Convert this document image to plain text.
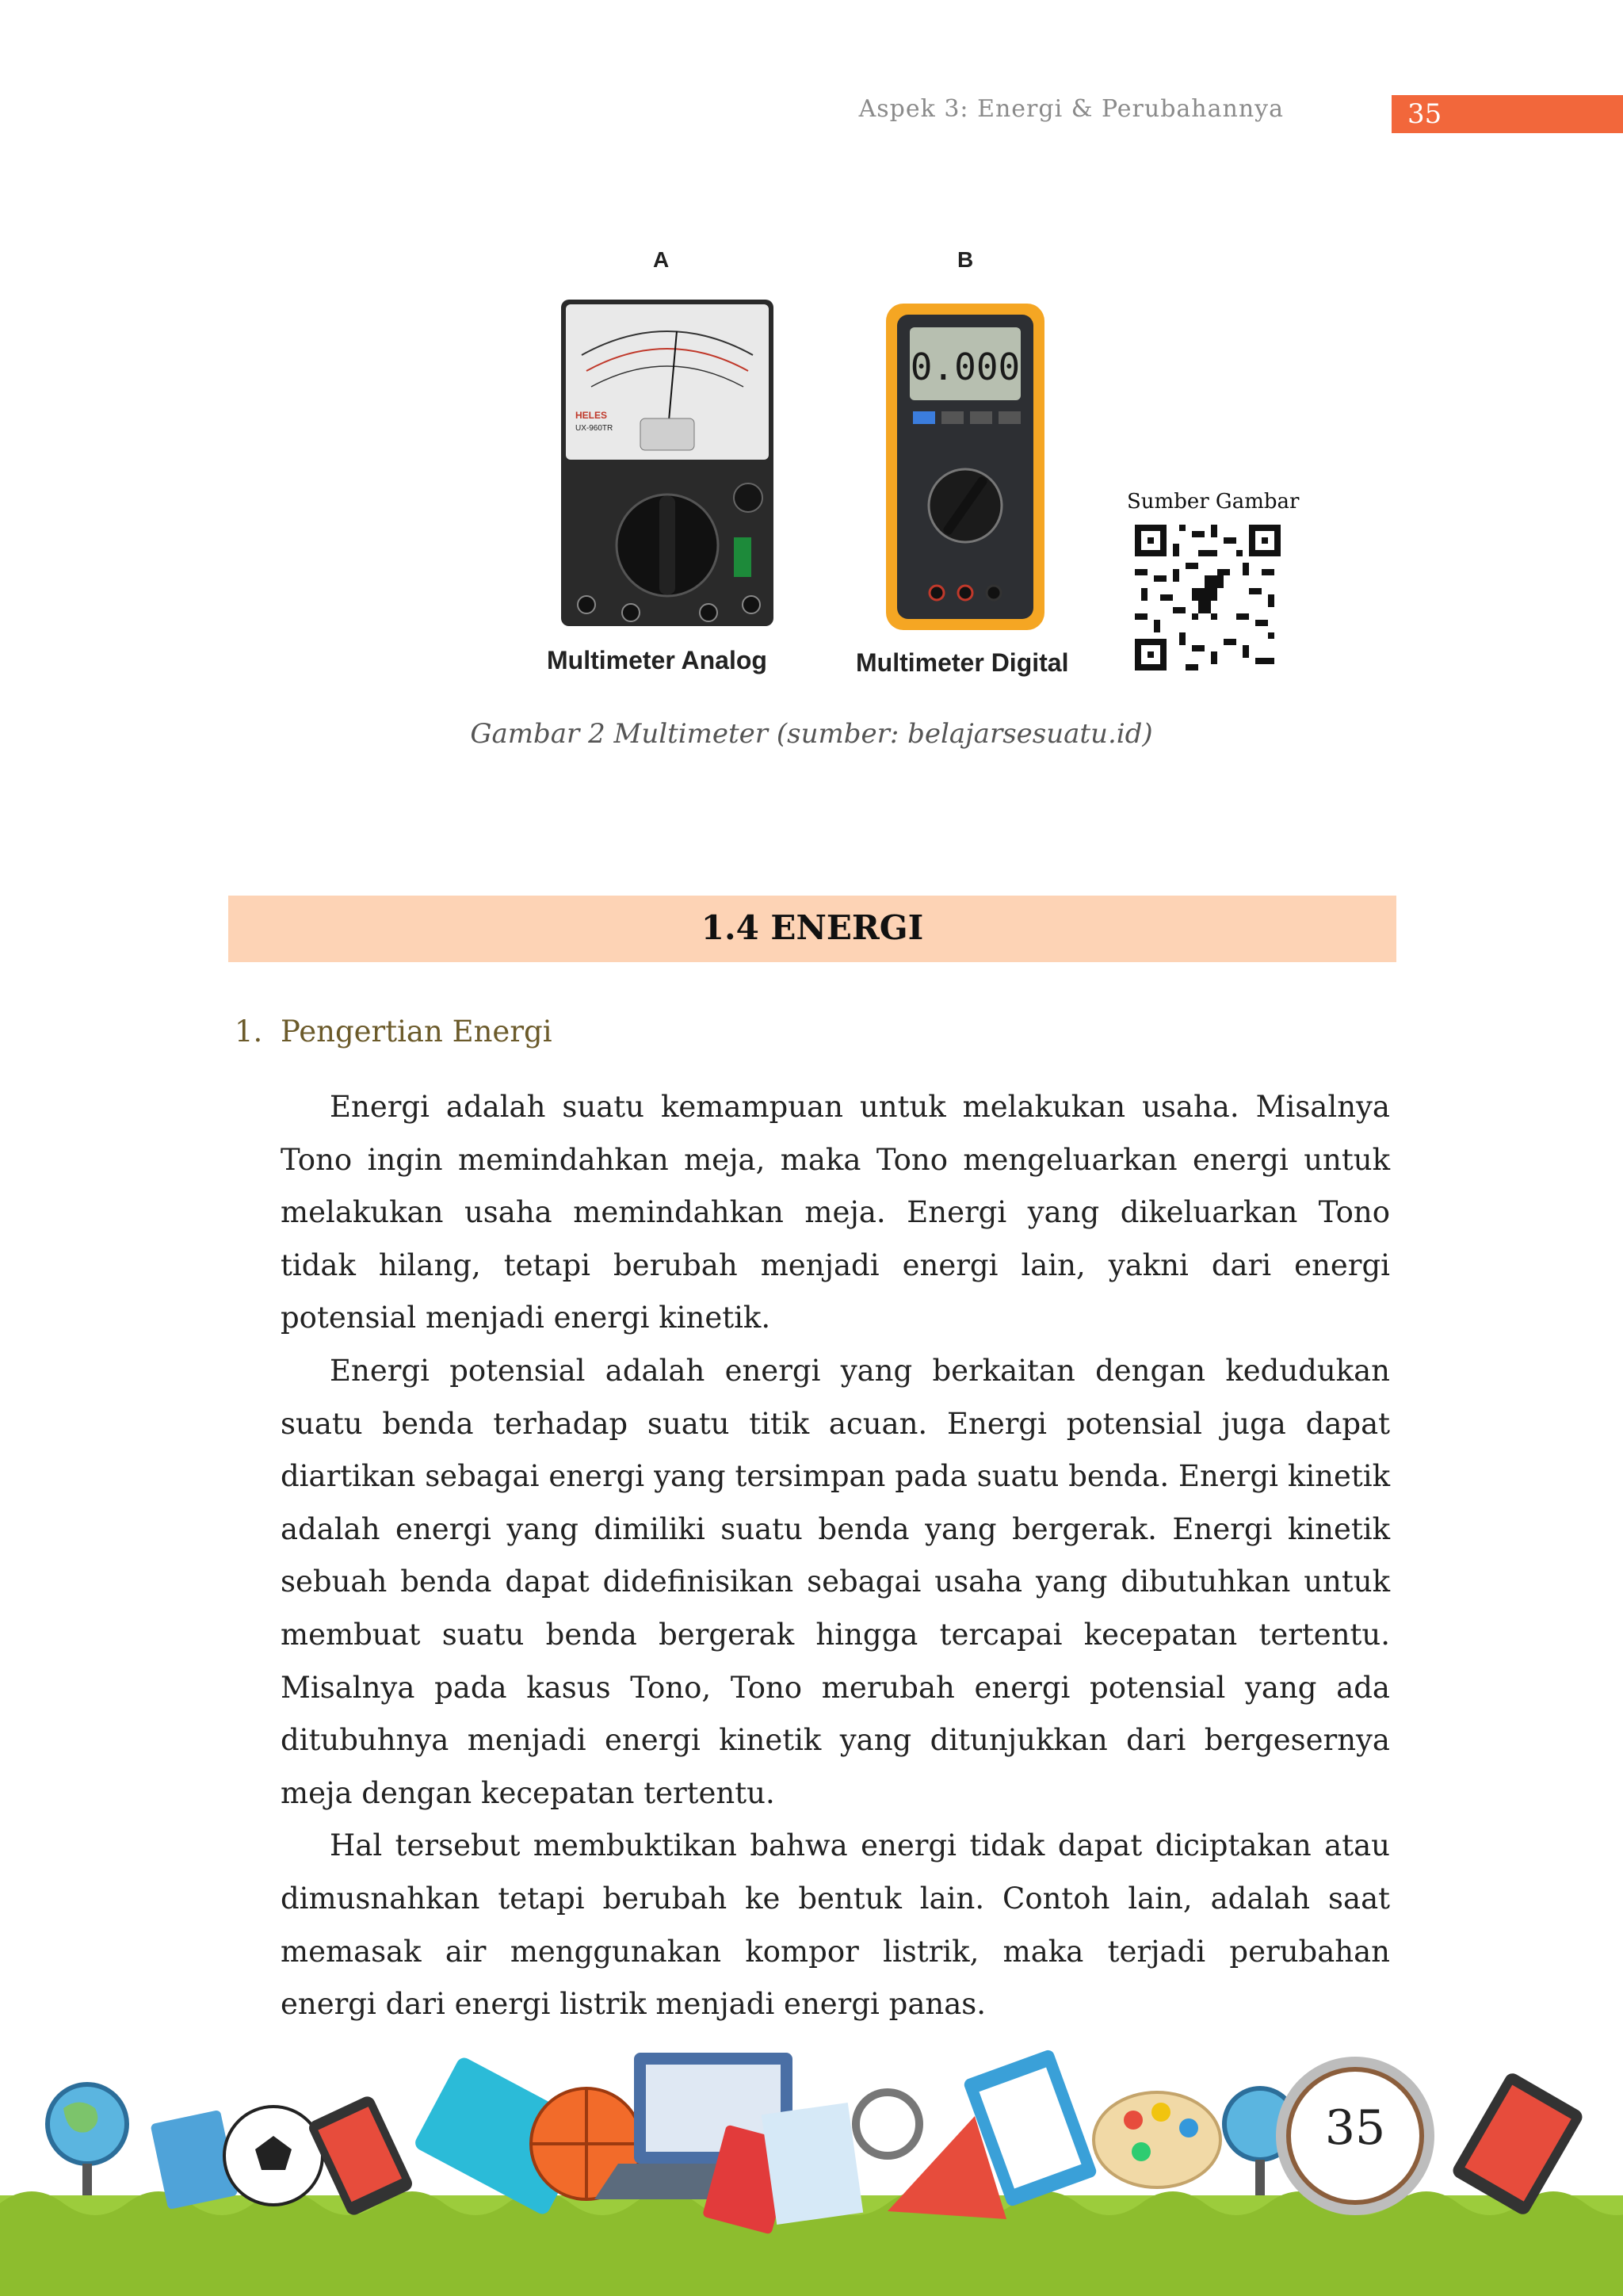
Aspek 3: Energi & Perubahannya	35
A	B
HELES
UX-960TR
Multimeter Analog
0.000
Multimeter Digital
Sumber Gambar
Gambar 2 Multimeter (sumber: belajarsesuatu.id)
1.4 ENERGI
1. Pengertian Energi

Energi adalah suatu kemampuan untuk melakukan usaha. Misalnya Tono ingin memindahkan meja, maka Tono mengeluarkan energi untuk melakukan usaha memindahkan meja. Energi yang dikeluarkan Tono tidak hilang, tetapi berubah menjadi energi lain, yakni dari energi potensial menjadi energi kinetik.

Energi potensial adalah energi yang berkaitan dengan kedudukan suatu benda terhadap suatu titik acuan. Energi potensial juga dapat diartikan sebagai energi yang tersimpan pada suatu benda. Energi kinetik adalah energi yang dimiliki suatu benda yang bergerak. Energi kinetik sebuah benda dapat didefinisikan sebagai usaha yang dibutuhkan untuk membuat suatu benda bergerak hingga tercapai kecepatan tertentu. Misalnya pada kasus Tono, Tono merubah energi potensial yang ada ditubuhnya menjadi energi kinetik yang ditunjukkan dari bergesernya meja dengan kecepatan tertentu.

Hal tersebut membuktikan bahwa energi tidak dapat diciptakan atau dimusnahkan tetapi berubah ke bentuk lain. Contoh lain, adalah saat memasak air menggunakan kompor listrik, maka terjadi perubahan energi dari energi listrik menjadi energi panas.

35
